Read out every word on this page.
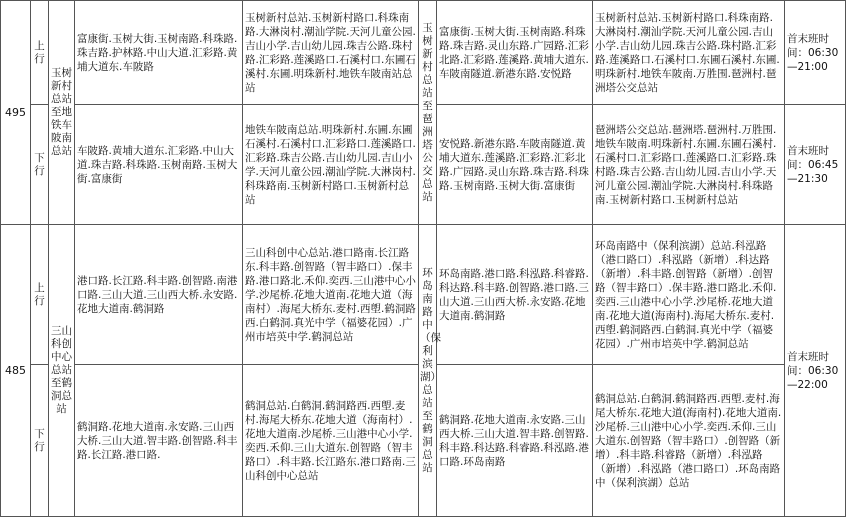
495	上行	玉树新村总站至地铁车陂南总站	富康街.玉树大街.玉树南路.科珠路.珠吉路.护林路.中山大道.汇彩路.黄埔大道东.车陂路	玉树新村总站.玉树新村路口.科珠南路.大淋岗村.潮汕学院.天河儿童公园.吉山小学.吉山幼儿园.珠吉公路.珠村路.汇彩路.莲溪路口.石溪村口.东圃石溪村.东圃.明珠新村.地铁车陂南站总站	玉树新村总站至琶洲塔公交总站	富康街.玉树大街.玉树南路.科珠路.珠吉路.灵山东路.广园路.汇彩北路.汇彩路.莲溪路.黄埔大道东.车陂南隧道.新港东路.安悦路	玉树新村总站.玉树新村路口.科珠南路.大淋岗村.潮汕学院.天河儿童公园.吉山小学.吉山幼儿园.珠吉公路.珠村路.汇彩路.莲溪路口.石溪村口.东圃石溪村.东圃.明珠新村.地铁车陂南.万胜围.琶洲村.琶洲塔公交总站	首末班时间：06:30—21:00
	下行		车陂路.黄埔大道东.汇彩路.中山大道.珠吉路.科珠路.玉树南路.玉树大街.富康街	地铁车陂南总站.明珠新村.东圃.东圃石溪村.石溪村口.汇彩路口.莲溪路口.汇彩路.珠吉公路.吉山幼儿园.吉山小学.天河儿童公园.潮汕学院.大淋岗村.科珠路南.玉树新村路口.玉树新村总站		安悦路.新港东路.车陂南隧道.黄埔大道东.莲溪路.汇彩路.汇彩北路.广园路.灵山东路.珠吉路.科珠路.玉树南路.玉树大街.富康街	琶洲塔公交总站.琶洲塔.琶洲村.万胜围.地铁车陂南.明珠新村.东圃.东圃石溪村.石溪村口.汇彩路口.莲溪路口.汇彩路.珠村路.珠吉公路.吉山幼儿园.吉山小学.天河儿童公园.潮汕学院.大淋岗村.科珠路南.玉树新村路口.玉树新村总站	首末班时间：06:45—21:30
485	上行	三山科创中心总站至鹤洞总站	港口路.长江路.科丰路.创智路.南港口路.三山大道.三山西大桥.永安路.花地大道南.鹤洞路	三山科创中心总站.港口路南.长江路东.科丰路.创智路（智丰路口）.保丰路.港口路北.禾仰.奕西.三山港中心小学.沙尾桥.花地大道南.花地大道（海南村）.海尾大桥东.麦村.西塱.鹤洞路西.白鹤洞.真光中学（福婆花园）.广州市培英中学.鹤洞总站	环岛南路中（保利滨湖）总站至鹤洞总站	环岛南路.港口路.科泓路.科睿路.科达路.科丰路.创智路.港口路.三山大道.三山西大桥.永安路.花地大道南.鹤洞路	环岛南路中（保利滨湖）总站.科泓路（港口路口）.科泓路（新增）.科达路（新增）.科丰路.创智路（新增）.创智路（智丰路口）.保丰路.港口路北.禾仰.奕西.三山港中心小学.沙尾桥.花地大道南.花地大道(海南村).海尾大桥东.麦村.西塱.鹤洞路西.白鹤洞.真光中学（福婆花园）.广州市培英中学.鹤洞总站	首末班时间：06:30—22:00
	下行		鹤洞路.花地大道南.永安路.三山西大桥.三山大道.智丰路.创智路.科丰路.长江路.港口路.	鹤洞总站.白鹤洞.鹤洞路西.西塱.麦村.海尾大桥东.花地大道（海南村）.花地大道南.沙尾桥.三山港中心小学.奕西.禾仰.三山大道东.创智路（智丰路口）.科丰路.长江路东.港口路南.三山科创中心总站		鹤洞路.花地大道南.永安路.三山西大桥.三山大道.智丰路.创智路.科丰路.科达路.科睿路.科泓路.港口路.环岛南路	鹤洞总站.白鹤洞.鹤洞路西.西塱.麦村.海尾大桥东.花地大道(海南村).花地大道南.沙尾桥.三山港中心小学.奕西.禾仰.三山大道东.创智路（智丰路口）.创智路（新增）.科丰路.科睿路（新增）.科泓路（新增）.科泓路（港口路口）.环岛南路中（保利滨湖）总站	
